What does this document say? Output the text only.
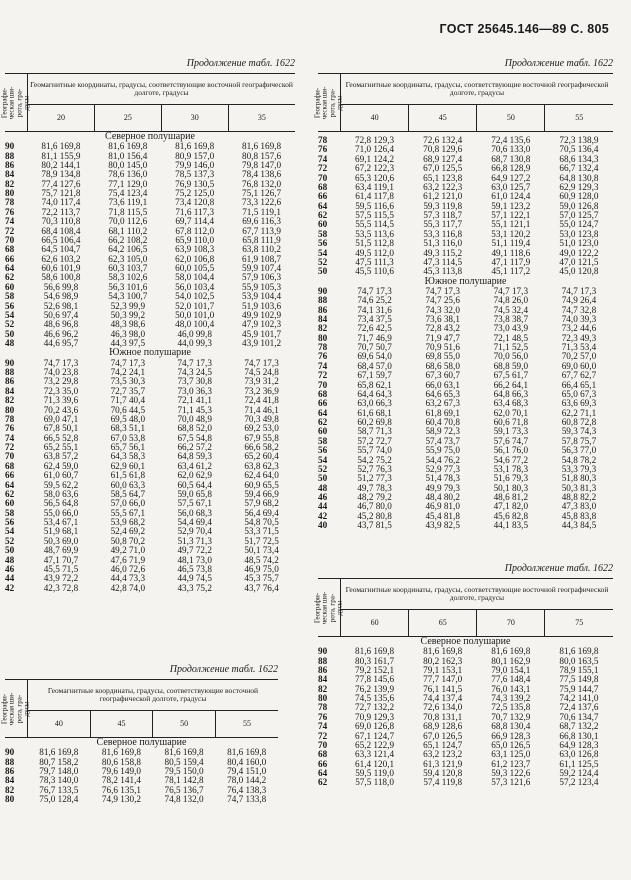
ГОСТ 25645.146—89 С. 805
Продолжение табл. 1622
Географи-
ческая ши-
рота, гра-
дусы	Геомагнитные координаты, градусы, соответствующие восточной географической долготе, градусы			
	20	25	30	35
Северное полушарие				
90	81,6 169,8	81,6 169,8	81,6 169,8	81,6 169,8
88	81,1 155,9	81,0 156,4	80,9 157,0	80,8 157,6
86	80,2 144,1	80,0 145,0	79,9 146,0	79,8 147,0
84	78,9 134,8	78,6 136,0	78,5 137,3	78,4 138,6
82	77,4 127,6	77,1 129,0	76,9 130,5	76,8 132,0
80	75,7 121,8	75,4 123,4	75,2 125,0	75,1 126,7
78	74,0 117,4	73,6 119,1	73,4 120,8	73,3 122,6
76	72,2 113,7	71,8 115,5	71,6 117,3	71,5 119,1
74	70,3 110,8	70,0 112,6	69,7 114,4	69,6 116,3
72	68,4 108,4	68,1 110,2	67,8 112,0	67,7 113,9
70	66,5 106,4	66,2 108,2	65,9 110,0	65,8 111,9
68	64,5 104,7	64,2 106,5	63,9 108,3	63,8 110,2
66	62,6 103,2	62,3 105,0	62,0 106,8	61,9 108,7
64	60,6 101,9	60,3 103,7	60,0 105,5	59,9 107,4
62	58,6 100,8	58,3 102,6	58,0 104,4	57,9 106,3
60	56,6 99,8	56,3 101,6	56,0 103,4	55,9 105,3
58	54,6 98,9	54,3 100,7	54,0 102,5	53,9 104,4
56	52,6 98,1	52,3 99,9	52,0 101,7	51,9 103,6
54	50,6 97,4	50,3 99,2	50,0 101,0	49,9 102,9
52	48,6 96,8	48,3 98,6	48,0 100,4	47,9 102,3
50	46,6 96,2	46,3 98,0	46,0 99,8	45,9 101,7
48	44,6 95,7	44,3 97,5	44,0 99,3	43,9 101,2
Южное полушарие				
90	74,7 17,3	74,7 17,3	74,7 17,3	74,7 17,3
88	74,0 23,8	74,2 24,1	74,3 24,5	74,5 24,8
86	73,2 29,8	73,5 30,3	73,7 30,8	73,9 31,2
84	72,3 35,0	72,7 35,7	73,0 36,3	73,2 36,9
82	71,3 39,6	71,7 40,4	72,1 41,1	72,4 41,8
80	70,2 43,6	70,6 44,5	71,1 45,3	71,4 46,1
78	69,0 47,1	69,5 48,0	70,0 48,9	70,3 49,8
76	67,8 50,1	68,3 51,1	68,8 52,0	69,2 53,0
74	66,5 52,8	67,0 53,8	67,5 54,8	67,9 55,8
72	65,2 55,1	65,7 56,1	66,2 57,2	66,6 58,2
70	63,8 57,2	64,3 58,3	64,8 59,3	65,2 60,4
68	62,4 59,0	62,9 60,1	63,4 61,2	63,8 62,3
66	61,0 60,7	61,5 61,8	62,0 62,9	62,4 64,0
64	59,5 62,2	60,0 63,3	60,5 64,4	60,9 65,5
62	58,0 63,6	58,5 64,7	59,0 65,8	59,4 66,9
60	56,5 64,8	57,0 66,0	57,5 67,1	57,9 68,2
58	55,0 66,0	55,5 67,1	56,0 68,3	56,4 69,4
56	53,4 67,1	53,9 68,2	54,4 69,4	54,8 70,5
54	51,9 68,1	52,4 69,2	52,9 70,4	53,3 71,5
52	50,3 69,0	50,8 70,2	51,3 71,3	51,7 72,5
50	48,7 69,9	49,2 71,0	49,7 72,2	50,1 73,4
48	47,1 70,7	47,6 71,9	48,1 73,0	48,5 74,2
46	45,5 71,5	46,0 72,6	46,5 73,8	46,9 75,0
44	43,9 72,2	44,4 73,3	44,9 74,5	45,3 75,7
42	42,3 72,8	42,8 74,0	43,3 75,2	43,7 76,4
Продолжение табл. 1622
Географи-
ческая ши-
рота, гра-
дусы	Геомагнитные координаты, градусы, соответствующие восточной географической долготе, градусы			
	40	45	50	55

78	72,8 129,3	72,6 132,4	72,4 135,6	72,3 138,9
76	71,0 126,4	70,8 129,6	70,6 133,0	70,5 136,4
74	69,1 124,2	68,9 127,4	68,7 130,8	68,6 134,3
72	67,2 122,3	67,0 125,5	66,8 128,9	66,7 132,4
70	65,3 120,6	65,1 123,8	64,9 127,2	64,8 130,8
68	63,4 119,1	63,2 122,3	63,0 125,7	62,9 129,3
66	61,4 117,8	61,2 121,0	61,0 124,4	60,9 128,0
64	59,5 116,6	59,3 119,8	59,1 123,2	59,0 126,8
62	57,5 115,5	57,3 118,7	57,1 122,1	57,0 125,7
60	55,5 114,5	55,3 117,7	55,1 121,1	55,0 124,7
58	53,5 113,6	53,3 116,8	53,1 120,2	53,0 123,8
56	51,5 112,8	51,3 116,0	51,1 119,4	51,0 123,0
54	49,5 112,0	49,3 115,2	49,1 118,6	49,0 122,2
52	47,5 111,3	47,3 114,5	47,1 117,9	47,0 121,5
50	45,5 110,6	45,3 113,8	45,1 117,2	45,0 120,8
Южное полушарие				
90	74,7 17,3	74,7 17,3	74,7 17,3	74,7 17,3
88	74,6 25,2	74,7 25,6	74,8 26,0	74,9 26,4
86	74,1 31,6	74,3 32,0	74,5 32,4	74,7 32,8
84	73,4 37,5	73,6 38,1	73,8 38,7	74,0 39,3
82	72,6 42,5	72,8 43,2	73,0 43,9	73,2 44,6
80	71,7 46,9	71,9 47,7	72,1 48,5	72,3 49,3
78	70,7 50,7	70,9 51,6	71,1 52,5	71,3 53,4
76	69,6 54,0	69,8 55,0	70,0 56,0	70,2 57,0
74	68,4 57,0	68,6 58,0	68,8 59,0	69,0 60,0
72	67,1 59,7	67,3 60,7	67,5 61,7	67,7 62,7
70	65,8 62,1	66,0 63,1	66,2 64,1	66,4 65,1
68	64,4 64,3	64,6 65,3	64,8 66,3	65,0 67,3
66	63,0 66,3	63,2 67,3	63,4 68,3	63,6 69,3
64	61,6 68,1	61,8 69,1	62,0 70,1	62,2 71,1
62	60,2 69,8	60,4 70,8	60,6 71,8	60,8 72,8
60	58,7 71,3	58,9 72,3	59,1 73,3	59,3 74,3
58	57,2 72,7	57,4 73,7	57,6 74,7	57,8 75,7
56	55,7 74,0	55,9 75,0	56,1 76,0	56,3 77,0
54	54,2 75,2	54,4 76,2	54,6 77,2	54,8 78,2
52	52,7 76,3	52,9 77,3	53,1 78,3	53,3 79,3
50	51,2 77,3	51,4 78,3	51,6 79,3	51,8 80,3
48	49,7 78,3	49,9 79,3	50,1 80,3	50,3 81,3
46	48,2 79,2	48,4 80,2	48,6 81,2	48,8 82,2
44	46,7 80,0	46,9 81,0	47,1 82,0	47,3 83,0
42	45,2 80,8	45,4 81,8	45,6 82,8	45,8 83,8
40	43,7 81,5	43,9 82,5	44,1 83,5	44,3 84,5
Продолжение табл. 1622
Географи-
ческая ши-
рота, гра-
дусы	Геомагнитные координаты, градусы, соответствующие восточной географической долготе, градусы			
	40	45	50	55
Северное полушарие				
90	81,6 169,8	81,6 169,8	81,6 169,8	81,6 169,8
88	80,7 158,2	80,6 158,8	80,5 159,4	80,4 160,0
86	79,7 148,0	79,6 149,0	79,5 150,0	79,4 151,0
84	78,3 140,0	78,2 141,4	78,1 142,8	78,0 144,2
82	76,7 133,5	76,6 135,1	76,5 136,7	76,4 138,3
80	75,0 128,4	74,9 130,2	74,8 132,0	74,7 133,8
Продолжение табл. 1622
Географи-
ческая ши-
рота, гра-
дусы	Геомагнитные координаты, градусы, соответствующие восточной географической долготе, градусы			
	60	65	70	75
Северное полушарие				
90	81,6 169,8	81,6 169,8	81,6 169,8	81,6 169,8
88	80,3 161,7	80,2 162,3	80,1 162,9	80,0 163,5
86	79,2 152,1	79,1 153,1	79,0 154,1	78,9 155,1
84	77,8 145,6	77,7 147,0	77,6 148,4	77,5 149,8
82	76,2 139,9	76,1 141,5	76,0 143,1	75,9 144,7
80	74,5 135,6	74,4 137,4	74,3 139,2	74,2 141,0
78	72,7 132,2	72,6 134,0	72,5 135,8	72,4 137,6
76	70,9 129,3	70,8 131,1	70,7 132,9	70,6 134,7
74	69,0 126,8	68,9 128,6	68,8 130,4	68,7 132,2
72	67,1 124,7	67,0 126,5	66,9 128,3	66,8 130,1
70	65,2 122,9	65,1 124,7	65,0 126,5	64,9 128,3
68	63,3 121,4	63,2 123,2	63,1 125,0	63,0 126,8
66	61,4 120,1	61,3 121,9	61,2 123,7	61,1 125,5
64	59,5 119,0	59,4 120,8	59,3 122,6	59,2 124,4
62	57,5 118,0	57,4 119,8	57,3 121,6	57,2 123,4
